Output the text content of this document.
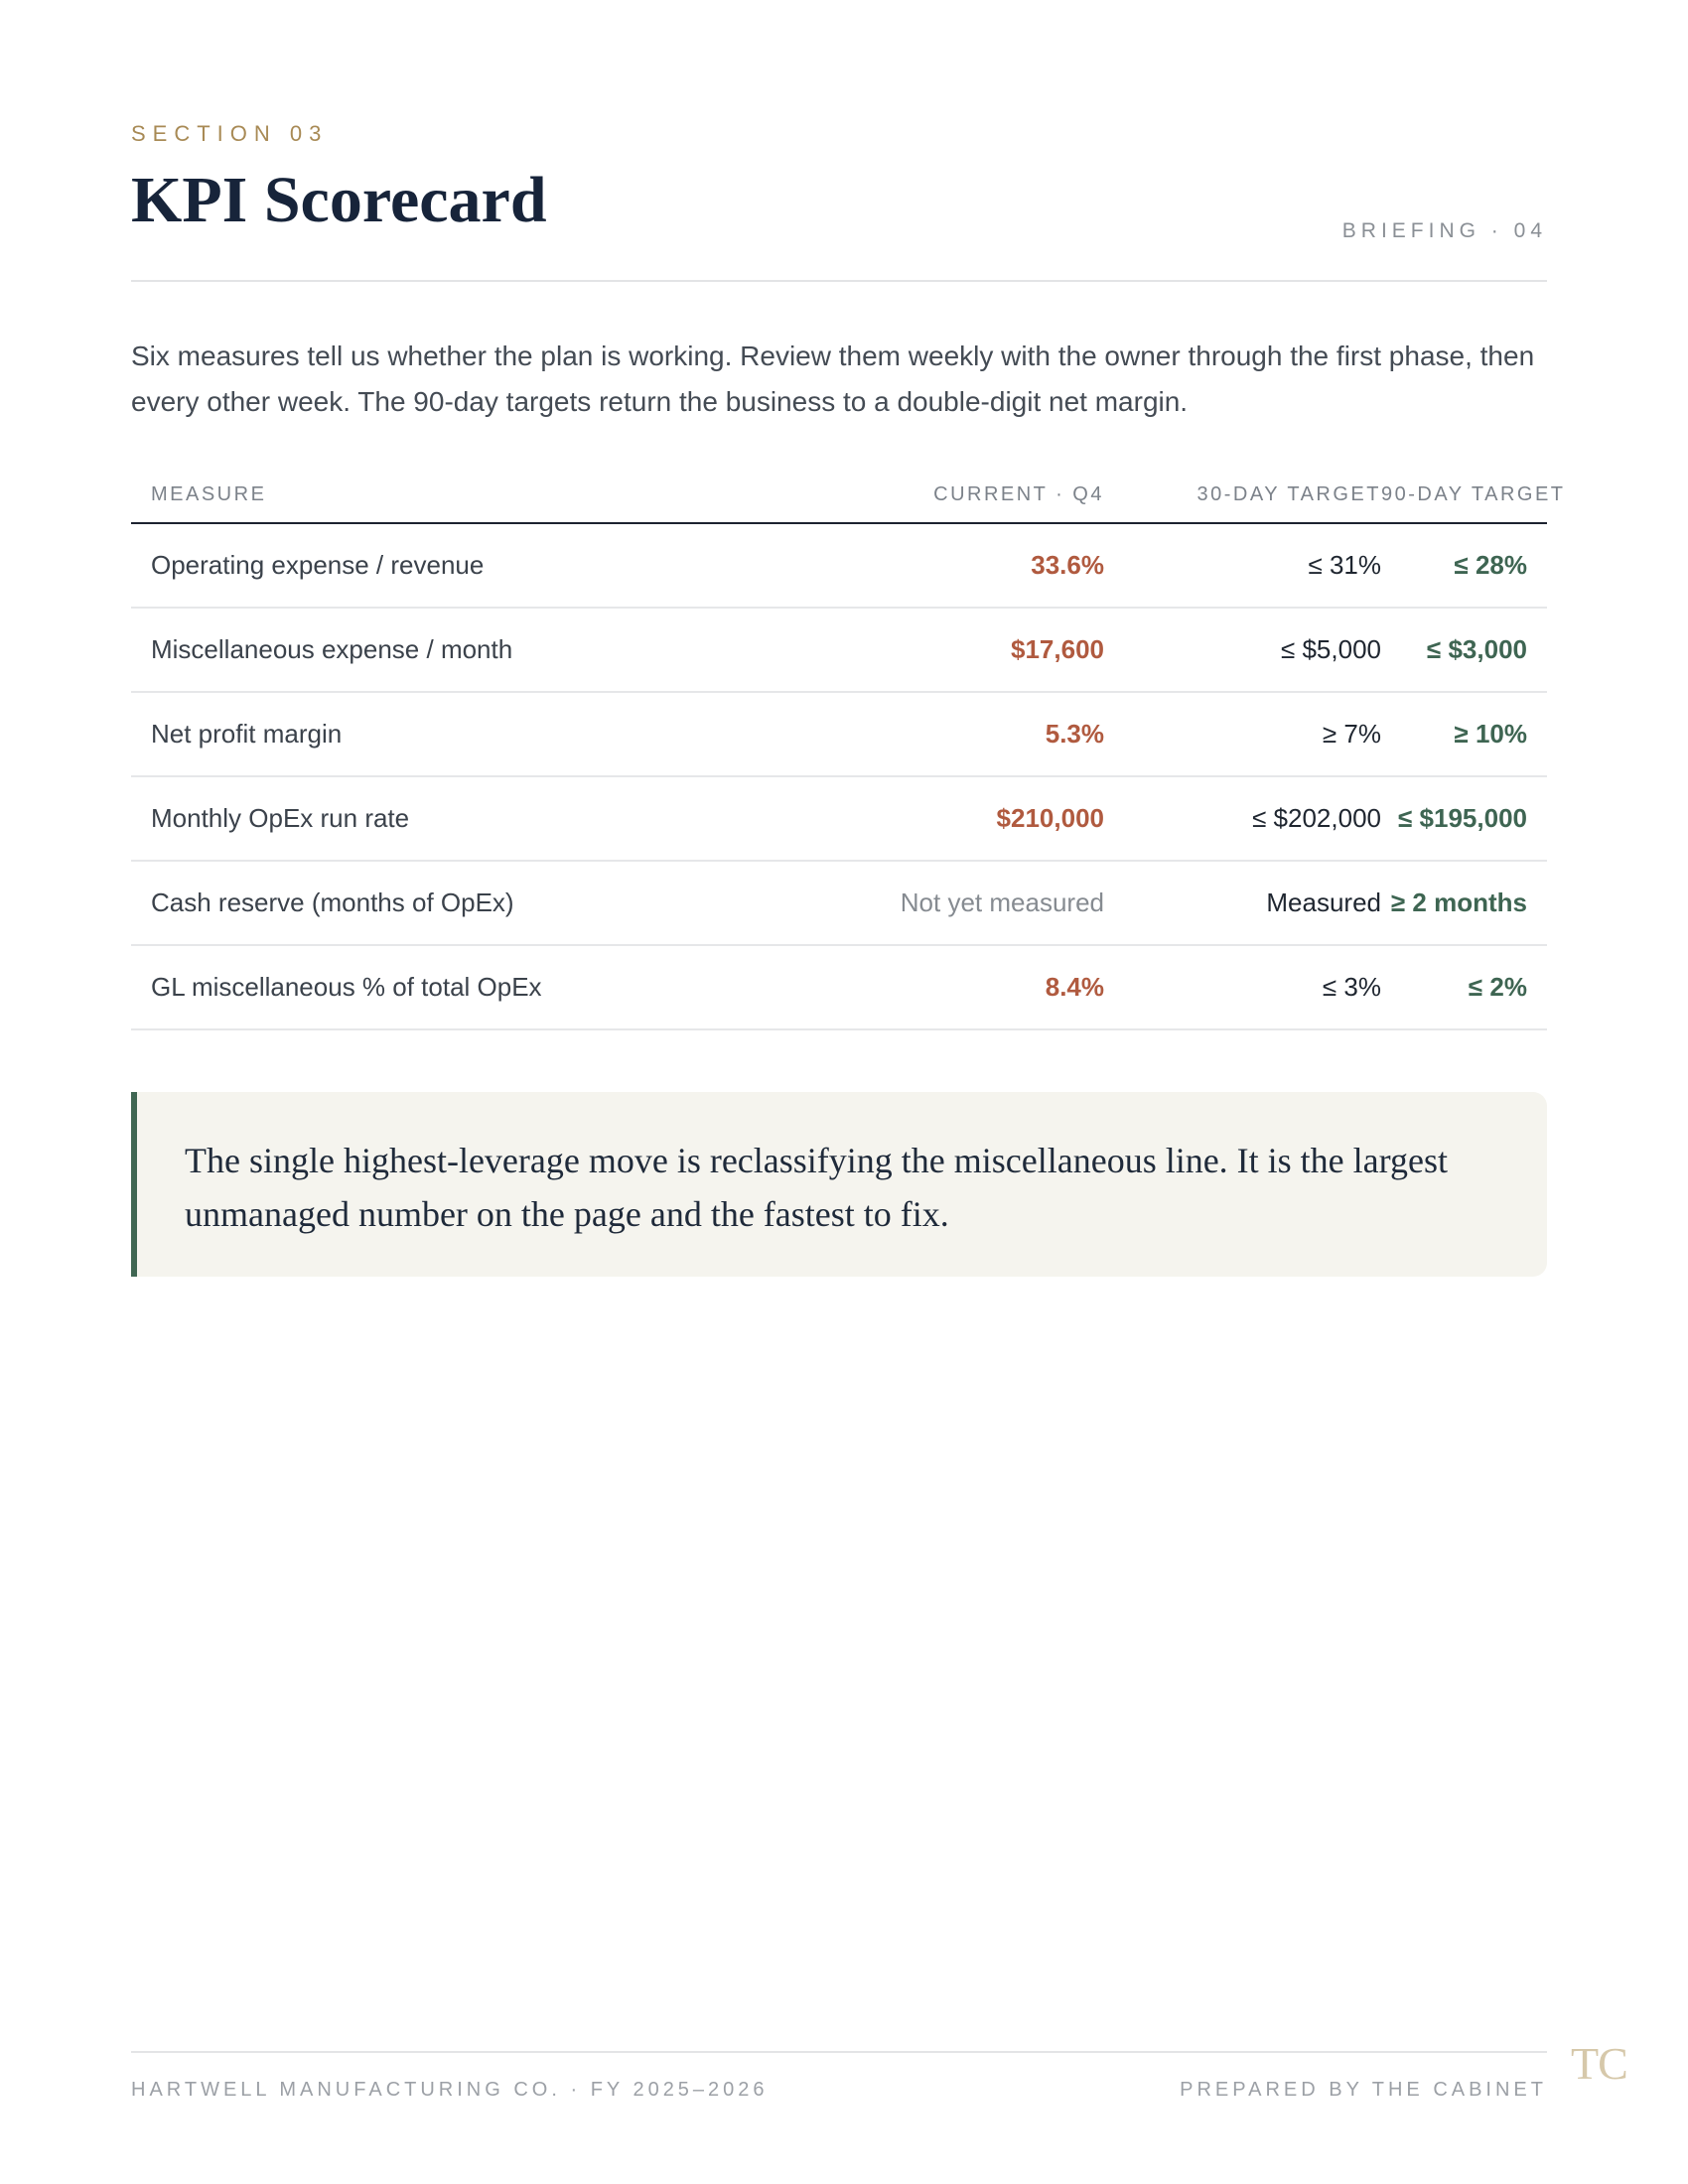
SECTION 03
KPI Scorecard	BRIEFING · 04

Six measures tell us whether the plan is working. Review them weekly with the owner through the first phase, then every other week. The 90-day targets return the business to a double-digit net margin.

MEASURE	CURRENT · Q4	30-DAY TARGET 90-DAY TARGET
Operating expense / revenue	33.6%	≤ 31%	≤ 28%
Miscellaneous expense / month	$17,600	≤ $5,000	≤ $3,000
Net profit margin	5.3%	≥ 7%	≥ 10%
Monthly OpEx run rate	$210,000	≤ $202,000 ≤ $195,000
Cash reserve (months of OpEx)	Not yet measured	Measured ≥ 2 months
GL miscellaneous % of total OpEx	8.4%	≤ 3%	≤ 2%

The single highest-leverage move is reclassifying the miscellaneous line. It is the largest unmanaged number on the page and the fastest to fix.

HARTWELL MANUFACTURING CO. · FY 2025–2026	PREPARED BY THE CABINET
TC
